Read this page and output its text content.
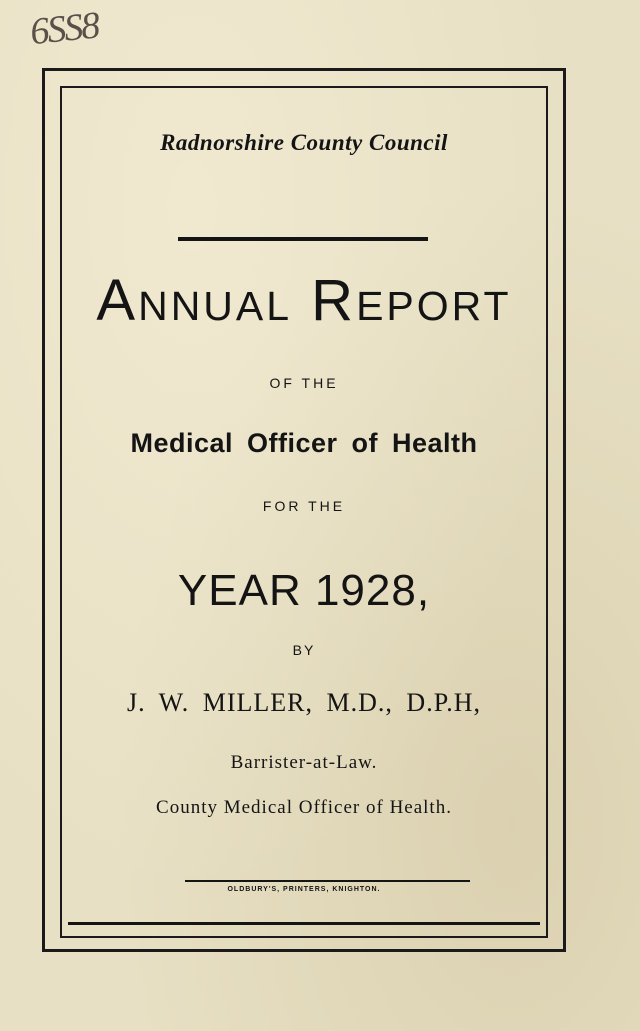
6SS8
Radnorshire County Council
Annual Report
OF THE
Medical Officer of Health
FOR THE
YEAR 1928,
BY
J. W. MILLER, M.D., D.P.H,
Barrister-at-Law.
County Medical Officer of Health.
OLDBURY'S, PRINTERS, KNIGHTON.
